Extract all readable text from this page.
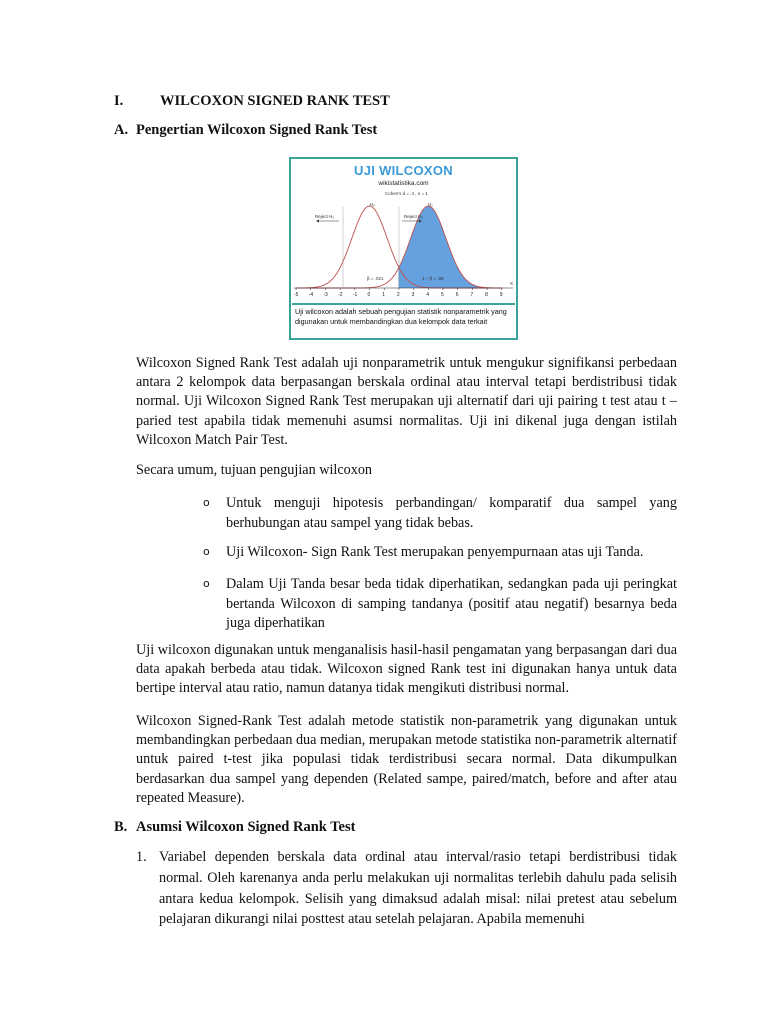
I.	WILCOXON SIGNED RANK TEST
A. Pengertian Wilcoxon Signed Rank Test
UJI WILCOXON
wikistatistika.com
Cohen's d = .4 , n = 1
H₀	H₁
Reject H₀	Reject H₀
β = .021	1 – β = .98
X
-5 -4 -3 -2 -1 0 1 2 3 4 5 6 7 8 9
Uji wilcoxon adalah sebuah pengujian statistik nonparametrik yang digunakan untuk membandingkan dua kelompok data terkait

Wilcoxon Signed Rank Test adalah uji nonparametrik untuk mengukur signifikansi perbedaan antara 2 kelompok data berpasangan berskala ordinal atau interval tetapi berdistribusi tidak normal. Uji Wilcoxon Signed Rank Test merupakan uji alternatif dari uji pairing t test atau t –paried test apabila tidak memenuhi asumsi normalitas. Uji ini dikenal juga dengan istilah Wilcoxon Match Pair Test.

Secara umum, tujuan pengujian wilcoxon
o Untuk menguji hipotesis perbandingan/ komparatif dua sampel yang berhubungan atau sampel yang tidak bebas.
o Uji Wilcoxon- Sign Rank Test merupakan penyempurnaan atas uji Tanda.
o Dalam Uji Tanda besar beda tidak diperhatikan, sedangkan pada uji peringkat bertanda Wilcoxon di samping tandanya (positif atau negatif) besarnya beda juga diperhatikan

Uji wilcoxon digunakan untuk menganalisis hasil-hasil pengamatan yang berpasangan dari dua data apakah berbeda atau tidak. Wilcoxon signed Rank test ini digunakan hanya untuk data bertipe interval atau ratio, namun datanya tidak mengikuti distribusi normal.

Wilcoxon Signed-Rank Test adalah metode statistik non-parametrik yang digunakan untuk membandingkan perbedaan dua median, merupakan metode statistika non-parametrik alternatif untuk paired t-test jika populasi tidak terdistribusi secara normal. Data dikumpulkan berdasarkan dua sampel yang dependen (Related sampe, paired/match, before and after atau repeated Measure).

B. Asumsi Wilcoxon Signed Rank Test
1. Variabel dependen berskala data ordinal atau interval/rasio tetapi berdistribusi tidak normal. Oleh karenanya anda perlu melakukan uji normalitas terlebih dahulu pada selisih antara kedua kelompok. Selisih yang dimaksud adalah misal: nilai pretest atau sebelum pelajaran dikurangi nilai posttest atau setelah pelajaran. Apabila memenuhi
